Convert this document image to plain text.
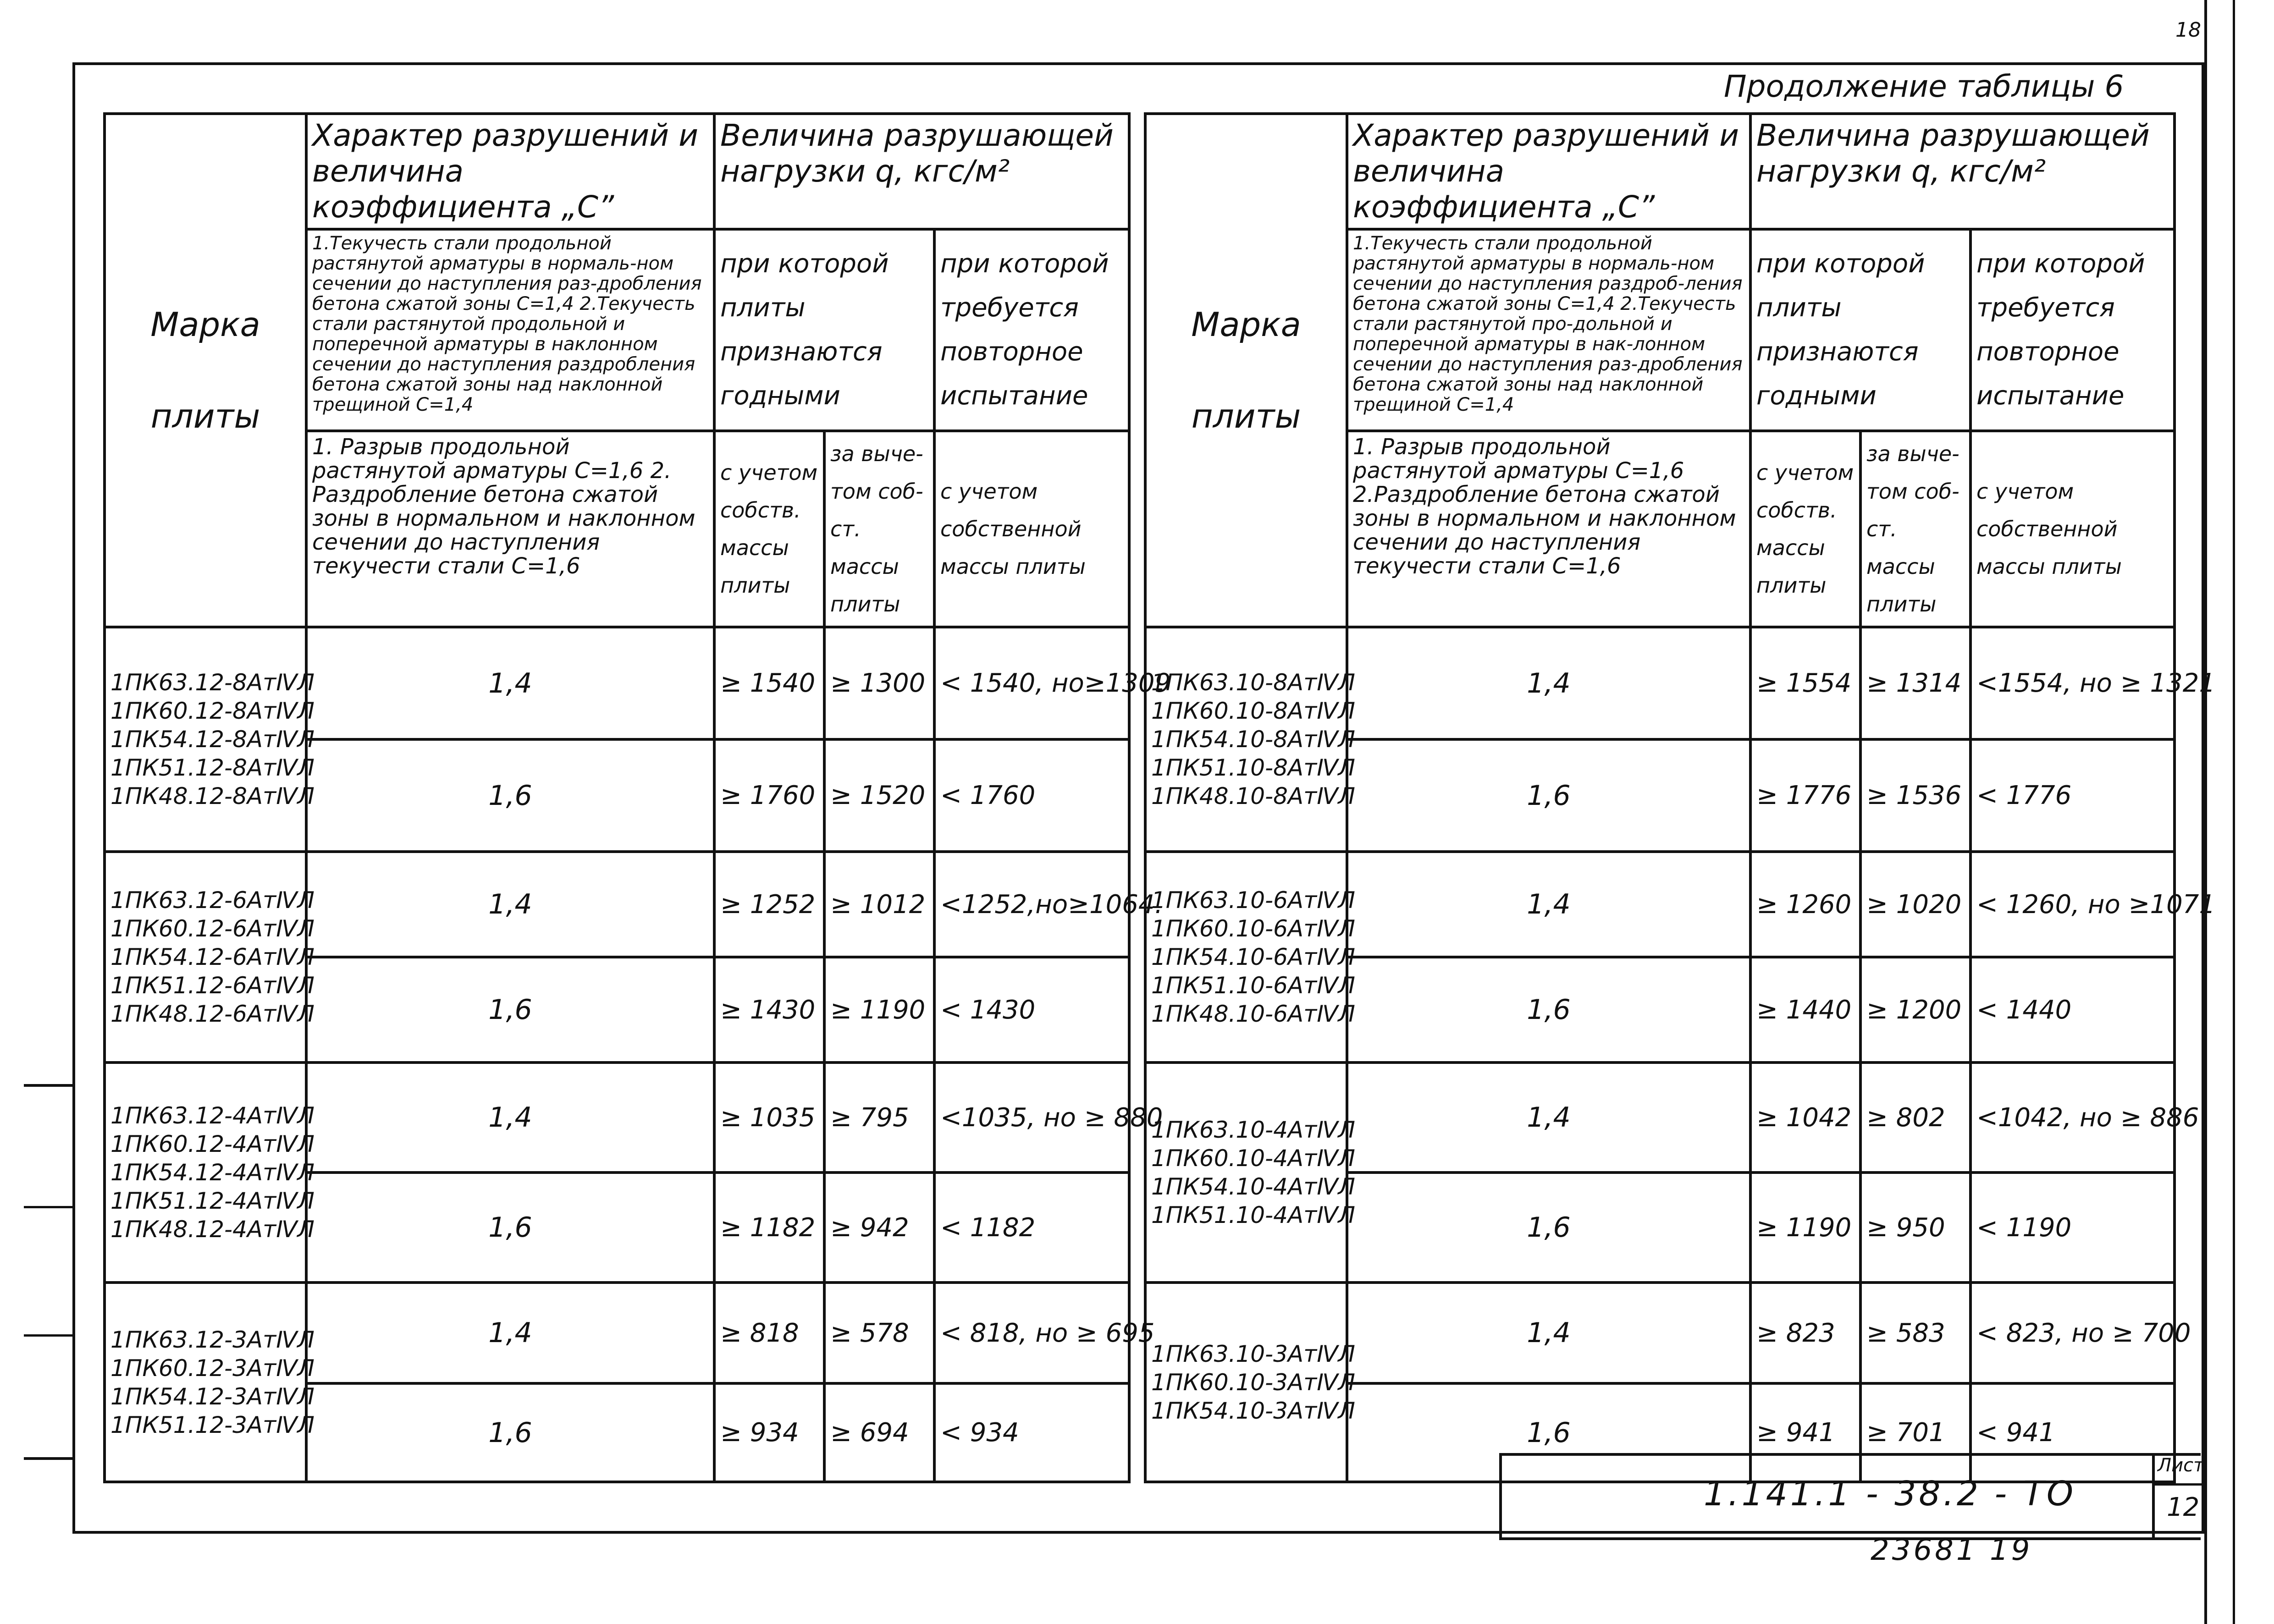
18
Продолжение таблицы 6
Марка
плиты	Характер разрушений и величина коэффициента „С”	Величина разрушающей нагрузки q, кгс/м²		
	1.Текучесть стали продольной растянутой арматуры в нормаль-ном сечении до наступления раз-дробления бетона сжатой зоны С=1,4 2.Текучесть стали растянутой продольной и поперечной арматуры в наклонном сечении до наступления раздробления бетона сжатой зоны над наклонной трещиной С=1,4	при которой плиты признаются годными		при которой требуется повторное испытание
	1. Разрыв продольной растянутой арматуры С=1,6 2. Раздробление бетона сжатой зоны в нормальном и наклонном сечении до наступления текучести стали С=1,6	с учетом собств. массы плиты	за выче- том соб- ст. массы плиты	с учетом собственной массы плиты

1ПК63.12-8АтⅣЛ
1ПК60.12-8АтⅣЛ
1ПК54.12-8АтⅣЛ
1ПК51.12-8АтⅣЛ
1ПК48.12-8АтⅣЛ	1,4	≥ 1540	≥ 1300	< 1540, но≥1309
	1,6	≥ 1760	≥ 1520	< 1760

1ПК63.12-6АтⅣЛ
1ПК60.12-6АтⅣЛ
1ПК54.12-6АтⅣЛ
1ПК51.12-6АтⅣЛ
1ПК48.12-6АтⅣЛ	1,4	≥ 1252	≥ 1012	<1252,но≥1064.
	1,6	≥ 1430	≥ 1190	< 1430

1ПК63.12-4АтⅣЛ
1ПК60.12-4АтⅣЛ
1ПК54.12-4АтⅣЛ
1ПК51.12-4АтⅣЛ
1ПК48.12-4АтⅣЛ	1,4	≥ 1035	≥ 795	<1035, но ≥ 880
	1,6	≥ 1182	≥ 942	< 1182

1ПК63.12-3АтⅣЛ
1ПК60.12-3АтⅣЛ
1ПК54.12-3АтⅣЛ
1ПК51.12-3АтⅣЛ	1,4	≥ 818	≥ 578	< 818, но ≥ 695
	1,6	≥ 934	≥ 694	< 934
Марка
плиты	Характер разрушений и величина коэффициента „С”	Величина разрушающей нагрузки q, кгс/м²		
	1.Текучесть стали продольной растянутой арматуры в нормаль-ном сечении до наступления раздроб-ления бетона сжатой зоны С=1,4 2.Текучесть стали растянутой про-дольной и поперечной арматуры в нак-лонном сечении до наступления раз-дробления бетона сжатой зоны над наклонной трещиной С=1,4	при которой плиты признаются годными		при которой требуется повторное испытание
	1. Разрыв продольной растянутой арматуры С=1,6 2.Раздробление бетона сжатой зоны в нормальном и наклонном сечении до наступления текучести стали С=1,6	с учетом собств. массы плиты	за выче- том соб- ст. массы плиты	с учетом собственной массы плиты

1ПК63.10-8АтⅣЛ
1ПК60.10-8АтⅣЛ
1ПК54.10-8АтⅣЛ
1ПК51.10-8АтⅣЛ
1ПК48.10-8АтⅣЛ	1,4	≥ 1554	≥ 1314	<1554, но ≥ 1321
	1,6	≥ 1776	≥ 1536	< 1776

1ПК63.10-6АтⅣЛ
1ПК60.10-6АтⅣЛ
1ПК54.10-6АтⅣЛ
1ПК51.10-6АтⅣЛ
1ПК48.10-6АтⅣЛ	1,4	≥ 1260	≥ 1020	< 1260, но ≥1071
	1,6	≥ 1440	≥ 1200	< 1440

1ПК63.10-4АтⅣЛ
1ПК60.10-4АтⅣЛ
1ПК54.10-4АтⅣЛ
1ПК51.10-4АтⅣЛ	1,4	≥ 1042	≥ 802	<1042, но ≥ 886
	1,6	≥ 1190	≥ 950	< 1190

1ПК63.10-3АтⅣЛ
1ПК60.10-3АтⅣЛ
1ПК54.10-3АтⅣЛ	1,4	≥ 823	≥ 583	< 823, но ≥ 700
	1,6	≥ 941	≥ 701	< 941
1.141.1 - 38.2 - ТО
Лист
12
23681 19
